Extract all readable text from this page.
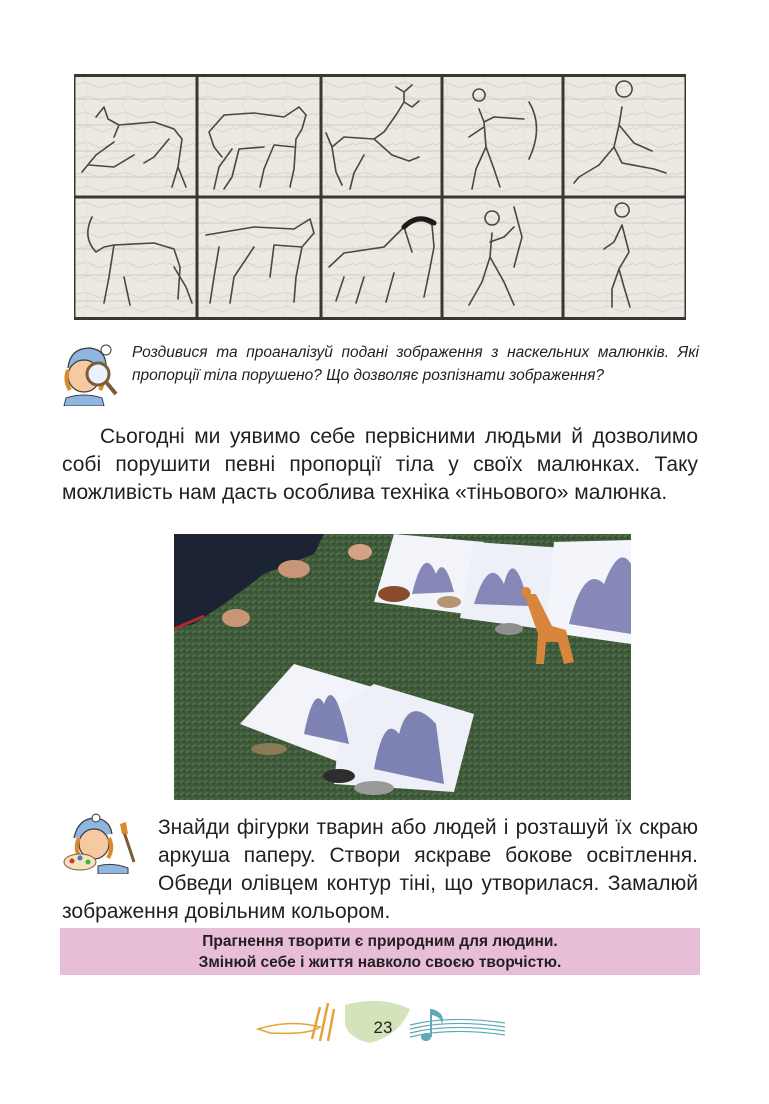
Роздивися та проаналізуй подані зображення з наскельних малюнків. Які пропорції тіла порушено? Що дозволяє розпізнати зображення?
Сьогодні ми уявимо себе первісними людьми й дозволимо собі порушити певні пропорції тіла у своїх малюнках. Таку можливість нам дасть особлива техніка «тіньового» малюнка.
Знайди фігурки тварин або людей і розташуй їх скраю аркуша паперу. Створи яскраве бокове освітлення. Обведи олівцем контур тіні, що утворилася. Замалюй зображення довільним кольором.

Прагнення творити є природним для людини.

Змінюй себе і життя навколо своєю творчістю.

23
